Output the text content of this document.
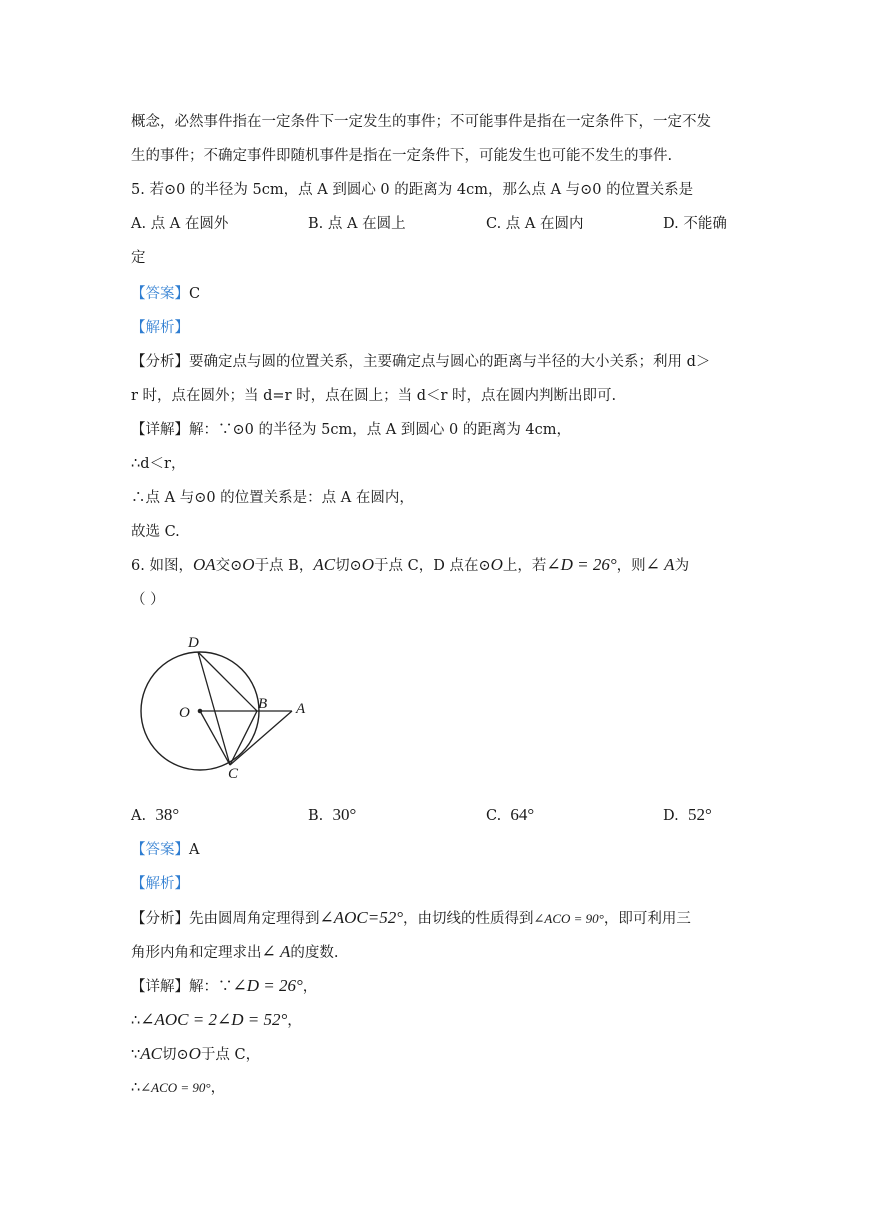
概念，必然事件指在一定条件下一定发生的事件；不可能事件是指在一定条件下，一定不发
生的事件；不确定事件即随机事件是指在一定条件下，可能发生也可能不发生的事件.
5. 若⊙0 的半径为 5cm，点 A 到圆心 0 的距离为 4cm，那么点 A 与⊙0 的位置关系是
A. 点 A 在圆外	B. 点 A 在圆上	C. 点 A 在圆内	D. 不能确
定
【答案】C
【解析】
【分析】要确定点与圆的位置关系，主要确定点与圆心的距离与半径的大小关系；利用 d＞
r 时，点在圆外；当 d=r 时，点在圆上；当 d＜r 时，点在圆内判断出即可.
【详解】解：∵⊙0 的半径为 5cm，点 A 到圆心 0 的距离为 4cm，
∴d＜r，
∴点 A 与⊙0 的位置关系是：点 A 在圆内，
故选 C.
6. 如图，OA交⊙O于点 B，AC切⊙O于点 C，D 点在⊙O上，若∠D = 26°，则∠ A为
（ ）
D
B
O	A
C
A. 38°	B. 30°	C. 64°	D. 52°
【答案】A
【解析】
【分析】先由圆周角定理得到∠AOC=52°，由切线的性质得到∠ACO = 90°，即可利用三
角形内角和定理求出∠ A的度数.
【详解】解：∵∠D = 26°，
∴∠AOC = 2∠D = 52°，
∵AC切⊙O于点 C，
∴∠ACO = 90°，
